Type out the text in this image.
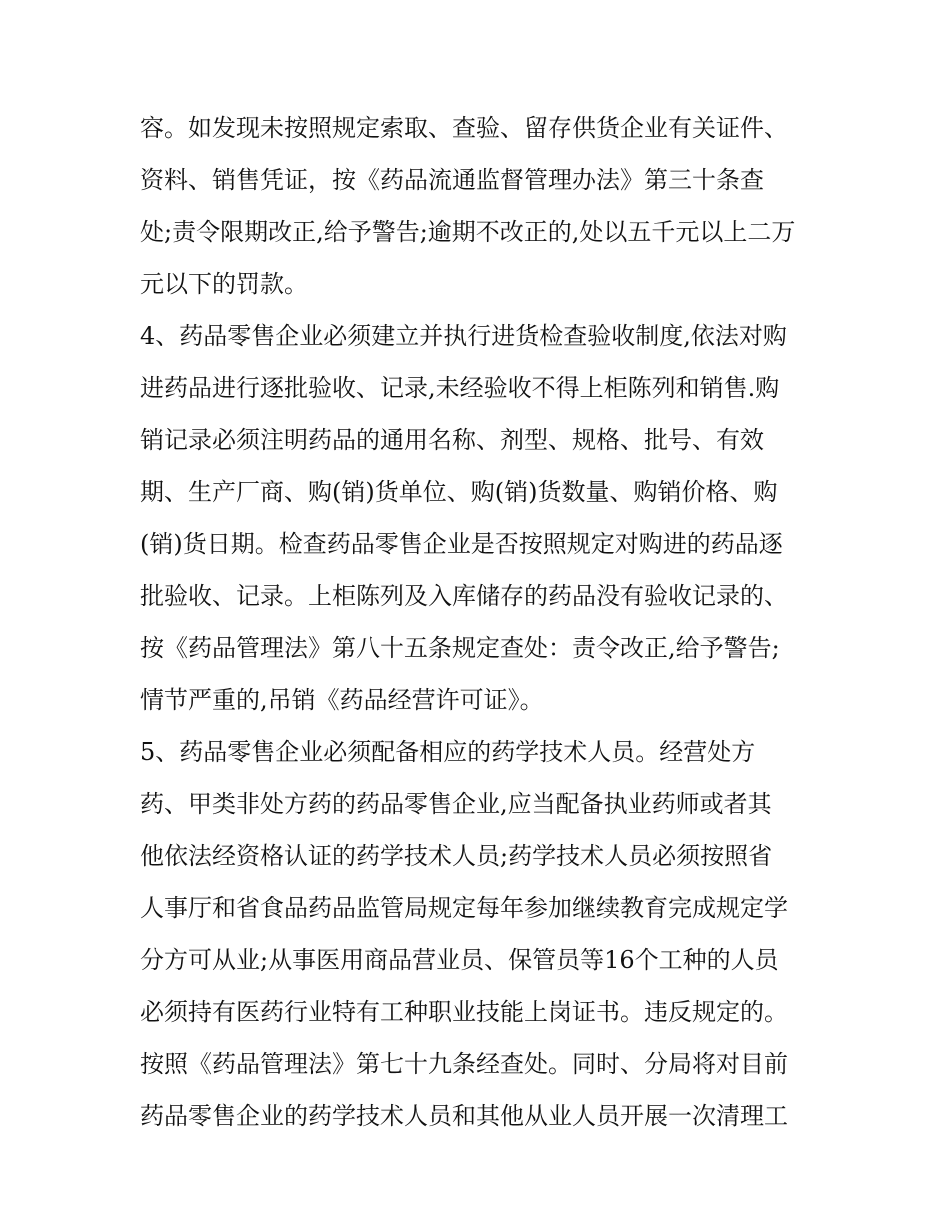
容。如发现未按照规定索取、查验、留存供货企业有关证件、
资料、销售凭证，按《药品流通监督管理办法》第三十条查
处;责令限期改正,给予警告;逾期不改正的,处以五千元以上二万
元以下的罚款。
4、药品零售企业必须建立并执行进货检查验收制度,依法对购
进药品进行逐批验收、记录,未经验收不得上柜陈列和销售.购
销记录必须注明药品的通用名称、剂型、规格、批号、有效
期、生产厂商、购(销)货单位、购(销)货数量、购销价格、购
(销)货日期。检查药品零售企业是否按照规定对购进的药品逐
批验收、记录。上柜陈列及入库储存的药品没有验收记录的、
按《药品管理法》第八十五条规定查处：责令改正,给予警告;
情节严重的,吊销《药品经营许可证》。
5、药品零售企业必须配备相应的药学技术人员。经营处方
药、甲类非处方药的药品零售企业,应当配备执业药师或者其
他依法经资格认证的药学技术人员;药学技术人员必须按照省
人事厅和省食品药品监管局规定每年参加继续教育完成规定学
分方可从业;从事医用商品营业员、保管员等16个工种的人员
必须持有医药行业特有工种职业技能上岗证书。违反规定的。
按照《药品管理法》第七十九条经查处。同时、分局将对目前
药品零售企业的药学技术人员和其他从业人员开展一次清理工
